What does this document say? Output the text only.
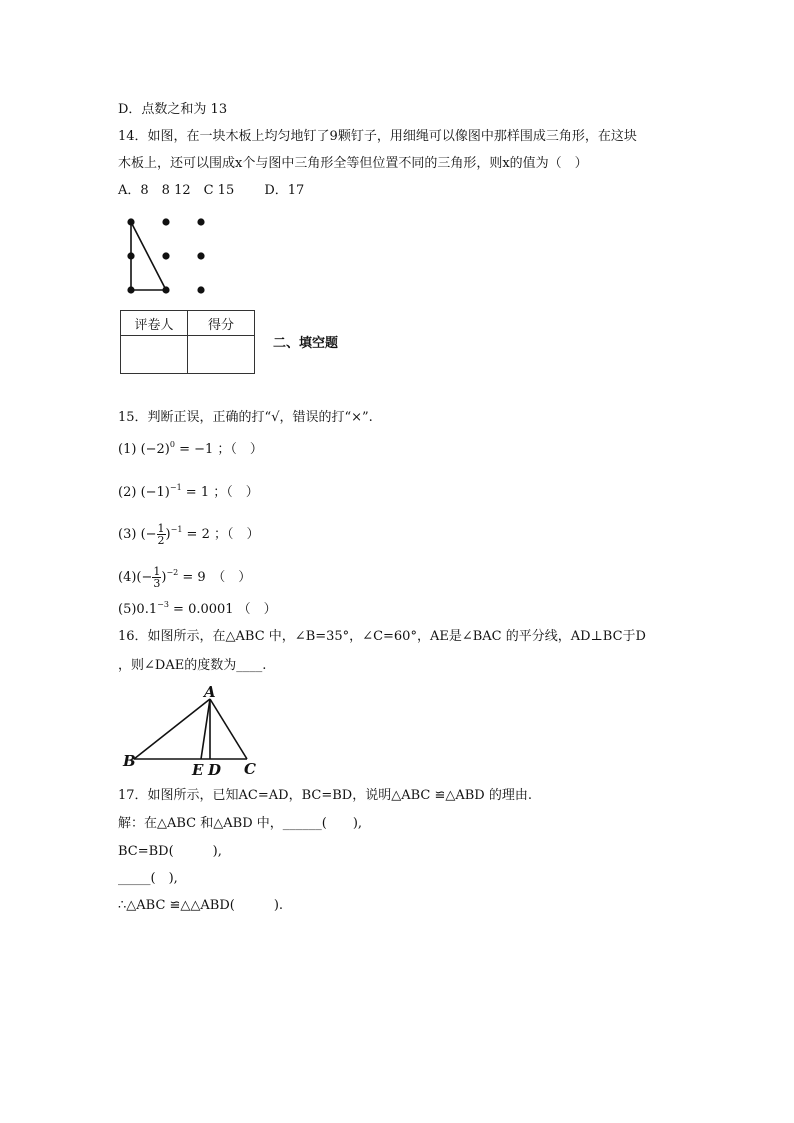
D．点数之和为 13
14．如图，在一块木板上均匀地钉了9颗钉子，用细绳可以像图中那样围成三角形，在这块
木板上，还可以围成x个与图中三角形全等但位置不同的三角形，则x的值为（　）
A．8　8 12　C 15　　 D．17
评卷人	得分

二、填空题
15．判断正误，正确的打“√，错误的打“×”.
(1) $(-2)^0 = -1$ ；（　）
(2) $(-1)^{-1} = 1$ ；（　）
(3) (− $\frac{1}{2} )^{-1} = 2$ ；（　）
$(4)(- \frac{1}{3} )^{-2} = 9$　（　）
$(5)0.1^{-3} = 0.0001$ （　）
16．如图所示，在△ABC 中，∠B=35°，∠C=60°，AE是∠BAC 的平分线，AD⊥BC于D
，则∠DAE的度数为____.
A
B	E D C
17．如图所示，已知AC=AD，BC=BD，说明△ABC ≌△ABD 的理由.
解：在△ABC 和△ABD 中，______(　　),
BC=BD(　　　),
_____(　),
∴△ABC ≌△△ABD(　　　).
